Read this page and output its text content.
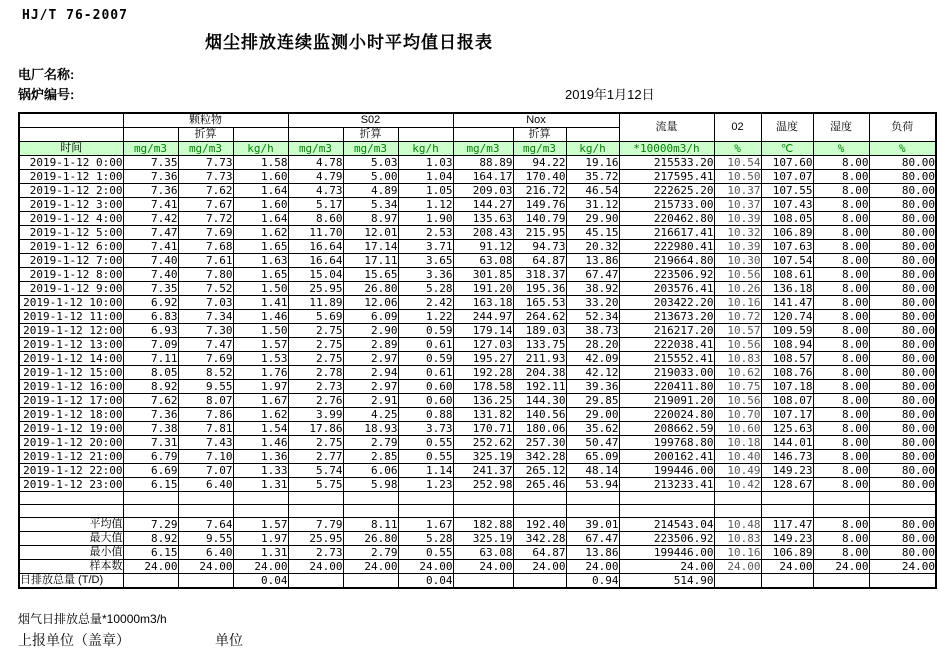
HJ/T 76-2007
烟尘排放连续监测小时平均值日报表
电厂名称:
锅炉编号:	2019年1月12日
	颗粒物			S02			Nox			流量	02	温度	湿度	负荷
		折算			折算			折算						
时间	mg/m3	mg/m3	kg/h	mg/m3	mg/m3	kg/h	mg/m3	mg/m3	kg/h	*10000m3/h	%	℃	%	%
2019-1-12 0:00	7.35	7.73	1.58	4.78	5.03	1.03	88.89	94.22	19.16	215533.20	10.54	107.60	8.00	80.00
2019-1-12 1:00	7.36	7.73	1.60	4.79	5.00	1.04	164.17	170.40	35.72	217595.41	10.50	107.07	8.00	80.00
2019-1-12 2:00	7.36	7.62	1.64	4.73	4.89	1.05	209.03	216.72	46.54	222625.20	10.37	107.55	8.00	80.00
2019-1-12 3:00	7.41	7.67	1.60	5.17	5.34	1.12	144.27	149.76	31.12	215733.00	10.37	107.43	8.00	80.00
2019-1-12 4:00	7.42	7.72	1.64	8.60	8.97	1.90	135.63	140.79	29.90	220462.80	10.39	108.05	8.00	80.00
2019-1-12 5:00	7.47	7.69	1.62	11.70	12.01	2.53	208.43	215.95	45.15	216617.41	10.32	106.89	8.00	80.00
2019-1-12 6:00	7.41	7.68	1.65	16.64	17.14	3.71	91.12	94.73	20.32	222980.41	10.39	107.63	8.00	80.00
2019-1-12 7:00	7.40	7.61	1.63	16.64	17.11	3.65	63.08	64.87	13.86	219664.80	10.30	107.54	8.00	80.00
2019-1-12 8:00	7.40	7.80	1.65	15.04	15.65	3.36	301.85	318.37	67.47	223506.92	10.56	108.61	8.00	80.00
2019-1-12 9:00	7.35	7.52	1.50	25.95	26.80	5.28	191.20	195.36	38.92	203576.41	10.26	136.18	8.00	80.00
2019-1-12 10:00	6.92	7.03	1.41	11.89	12.06	2.42	163.18	165.53	33.20	203422.20	10.16	141.47	8.00	80.00
2019-1-12 11:00	6.83	7.34	1.46	5.69	6.09	1.22	244.97	264.62	52.34	213673.20	10.72	120.74	8.00	80.00
2019-1-12 12:00	6.93	7.30	1.50	2.75	2.90	0.59	179.14	189.03	38.73	216217.20	10.57	109.59	8.00	80.00
2019-1-12 13:00	7.09	7.47	1.57	2.75	2.89	0.61	127.03	133.75	28.20	222038.41	10.56	108.94	8.00	80.00
2019-1-12 14:00	7.11	7.69	1.53	2.75	2.97	0.59	195.27	211.93	42.09	215552.41	10.83	108.57	8.00	80.00
2019-1-12 15:00	8.05	8.52	1.76	2.78	2.94	0.61	192.28	204.38	42.12	219033.00	10.62	108.76	8.00	80.00
2019-1-12 16:00	8.92	9.55	1.97	2.73	2.97	0.60	178.58	192.11	39.36	220411.80	10.75	107.18	8.00	80.00
2019-1-12 17:00	7.62	8.07	1.67	2.76	2.91	0.60	136.25	144.30	29.85	219091.20	10.56	108.07	8.00	80.00
2019-1-12 18:00	7.36	7.86	1.62	3.99	4.25	0.88	131.82	140.56	29.00	220024.80	10.70	107.17	8.00	80.00
2019-1-12 19:00	7.38	7.81	1.54	17.86	18.93	3.73	170.71	180.06	35.62	208662.59	10.60	125.63	8.00	80.00
2019-1-12 20:00	7.31	7.43	1.46	2.75	2.79	0.55	252.62	257.30	50.47	199768.80	10.18	144.01	8.00	80.00
2019-1-12 21:00	6.79	7.10	1.36	2.77	2.85	0.55	325.19	342.28	65.09	200162.41	10.40	146.73	8.00	80.00
2019-1-12 22:00	6.69	7.07	1.33	5.74	6.06	1.14	241.37	265.12	48.14	199446.00	10.49	149.23	8.00	80.00
2019-1-12 23:00	6.15	6.40	1.31	5.75	5.98	1.23	252.98	265.46	53.94	213233.41	10.42	128.67	8.00	80.00

平均值	7.29	7.64	1.57	7.79	8.11	1.67	182.88	192.40	39.01	214543.04	10.48	117.47	8.00	80.00
最大值	8.92	9.55	1.97	25.95	26.80	5.28	325.19	342.28	67.47	223506.92	10.83	149.23	8.00	80.00
最小值	6.15	6.40	1.31	2.73	2.79	0.55	63.08	64.87	13.86	199446.00	10.16	106.89	8.00	80.00
样本数	24.00	24.00	24.00	24.00	24.00	24.00	24.00	24.00	24.00	24.00	24.00	24.00	24.00	24.00
日排放总量 (T/D)			0.04			0.04			0.94	514.90				
烟气日排放总量*10000m3/h
上报单位（盖章）	单位
